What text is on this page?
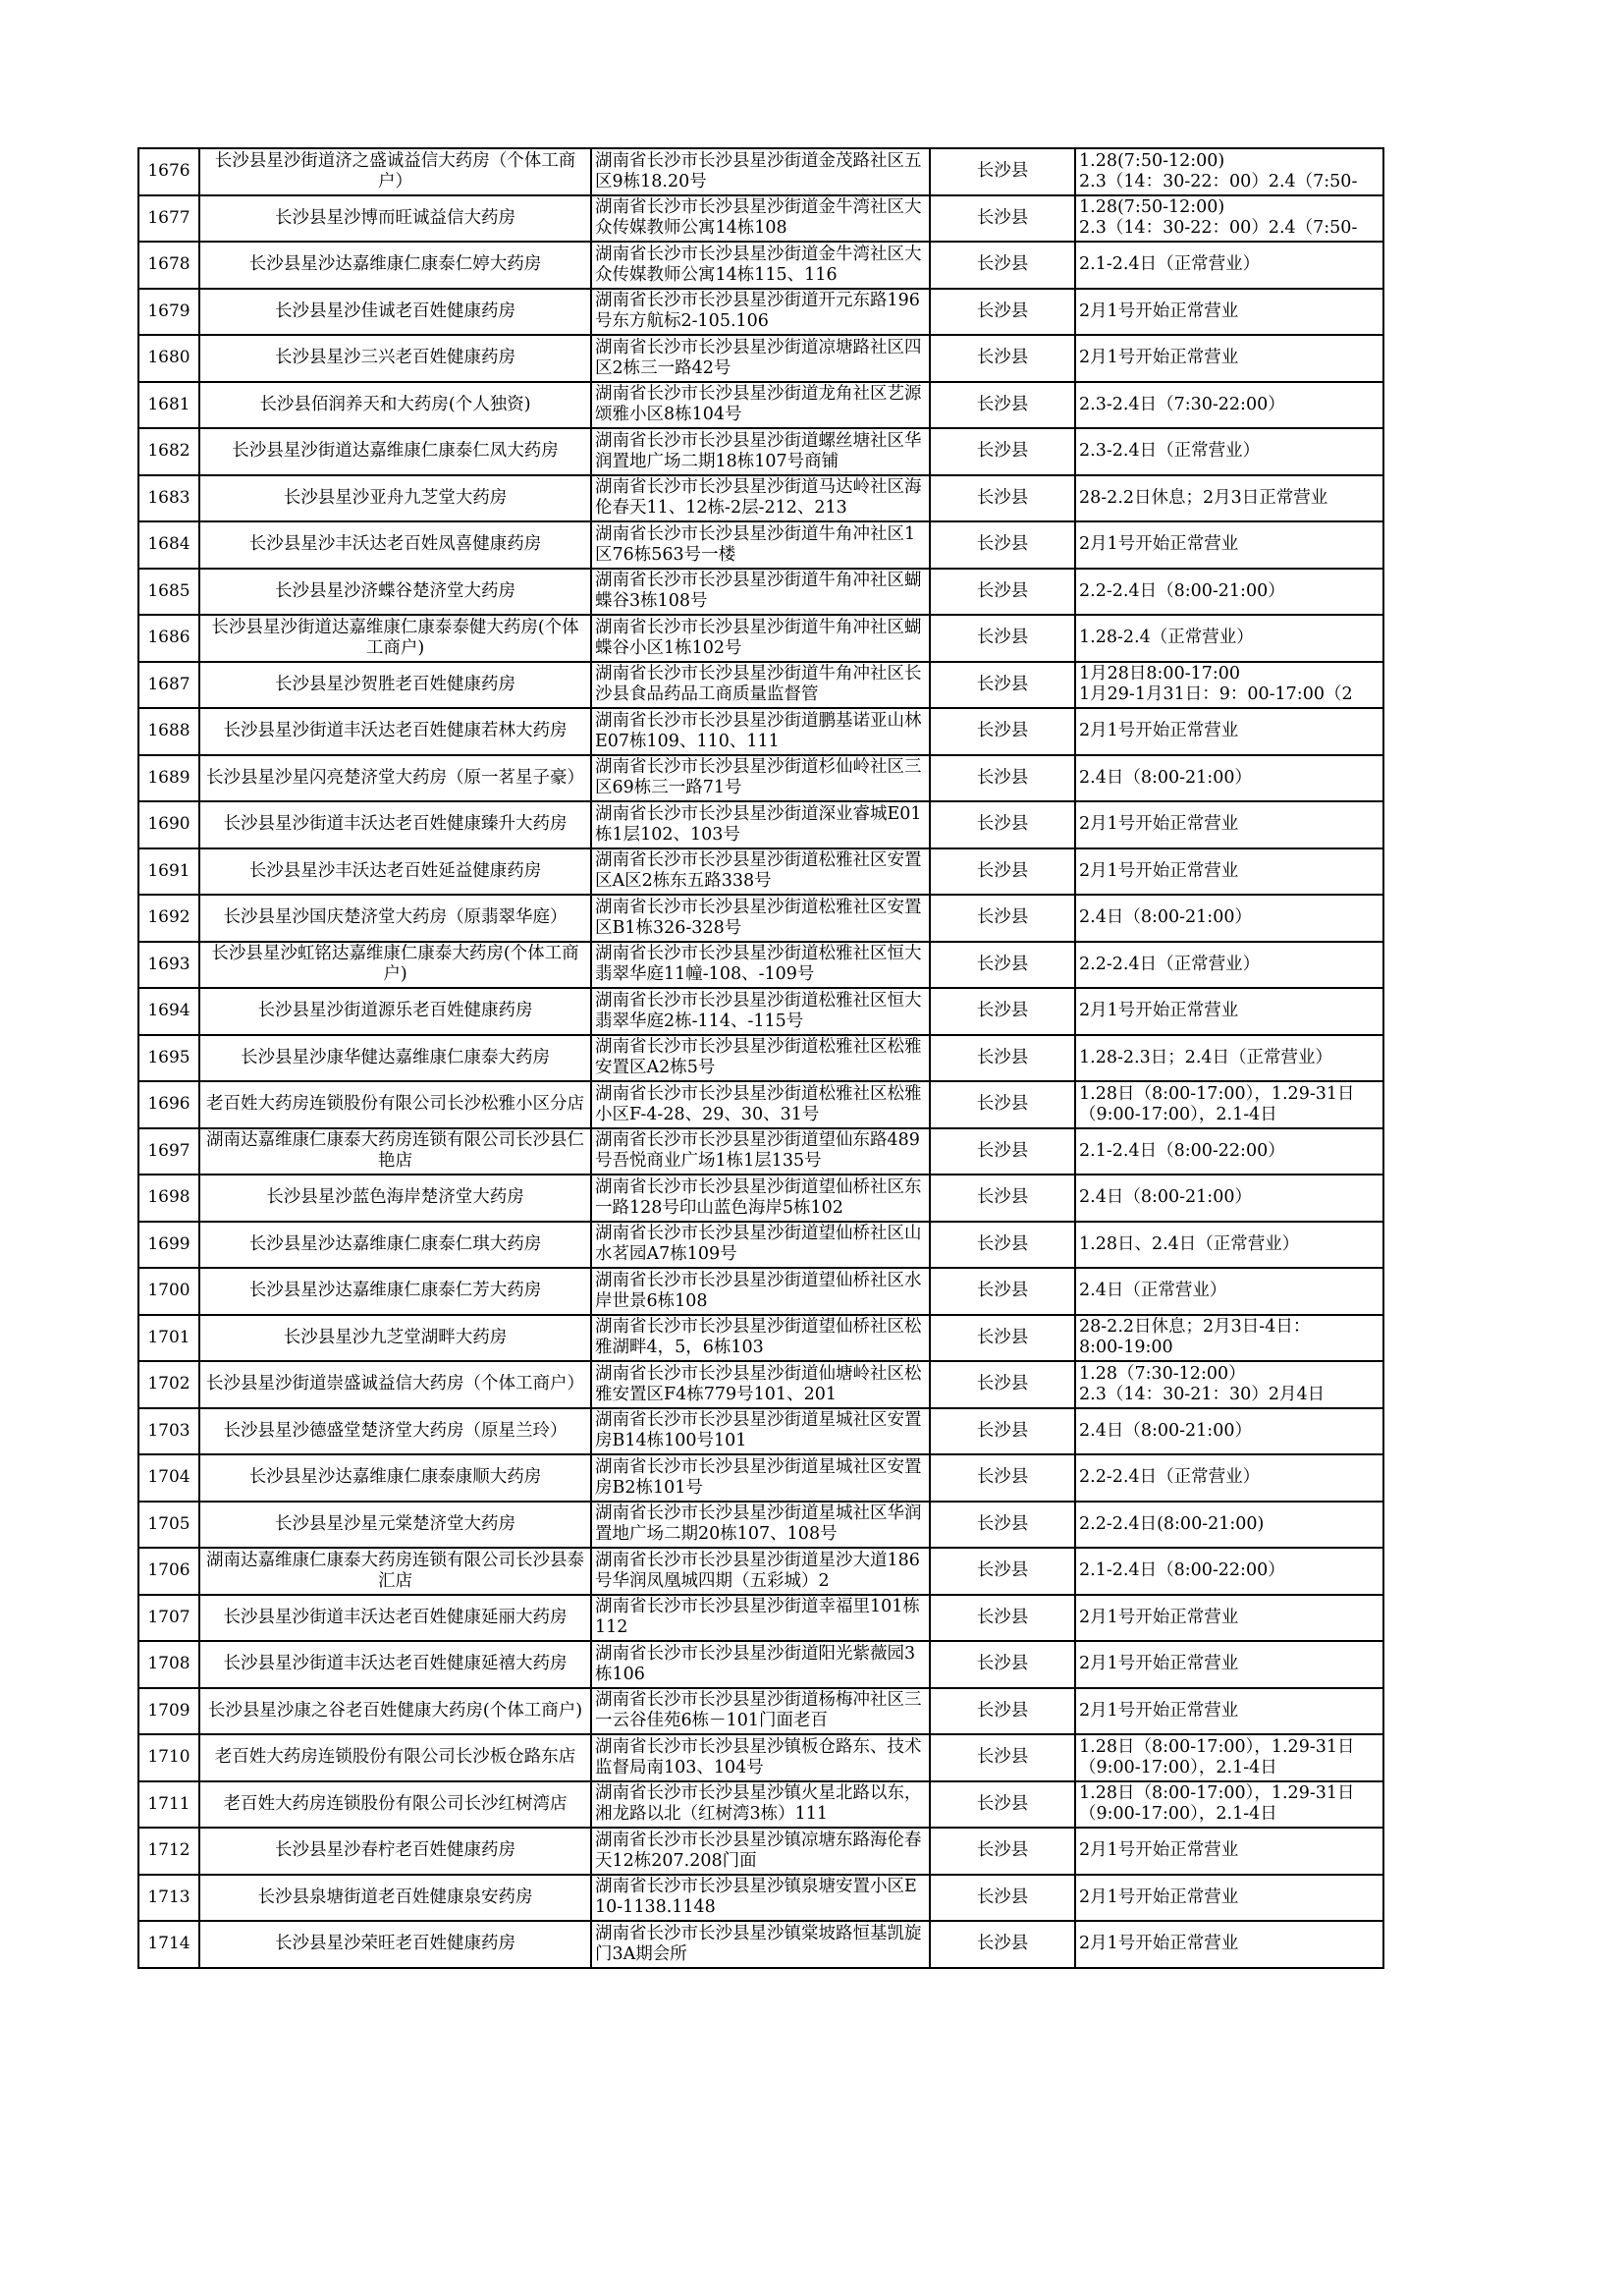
1676	长沙县星沙街道济之盛诚益信大药房（个体工商户）	湖南省长沙市长沙县星沙街道金茂路社区五区9栋18.20号	长沙县	1.28(7:50-12:00)
2.3（14：30-22：00）2.4（7:50-

1677	长沙县星沙博而旺诚益信大药房	湖南省长沙市长沙县星沙街道金牛湾社区大众传媒教师公寓14栋108	长沙县	1.28(7:50-12:00)
2.3（14：30-22：00）2.4（7:50-

1678	长沙县星沙达嘉维康仁康泰仁婷大药房	湖南省长沙市长沙县星沙街道金牛湾社区大众传媒教师公寓14栋115、116	长沙县	2.1-2.4日（正常营业）

1679	长沙县星沙佳诚老百姓健康药房	湖南省长沙市长沙县星沙街道开元东路196号东方航标2-105.106	长沙县	2月1号开始正常营业

1680	长沙县星沙三兴老百姓健康药房	湖南省长沙市长沙县星沙街道凉塘路社区四区2栋三一路42号	长沙县	2月1号开始正常营业

1681	长沙县佰润养天和大药房(个人独资)	湖南省长沙市长沙县星沙街道龙角社区艺源颂雅小区8栋104号	长沙县	2.3-2.4日（7:30-22:00）

1682	长沙县星沙街道达嘉维康仁康泰仁凤大药房	湖南省长沙市长沙县星沙街道螺丝塘社区华润置地广场二期18栋107号商铺	长沙县	2.3-2.4日（正常营业）

1683	长沙县星沙亚舟九芝堂大药房	湖南省长沙市长沙县星沙街道马达岭社区海伦春天11、12栋-2层-212、213	长沙县	28-2.2日休息；2月3日正常营业

1684	长沙县星沙丰沃达老百姓凤喜健康药房	湖南省长沙市长沙县星沙街道牛角冲社区1区76栋563号一楼	长沙县	2月1号开始正常营业

1685	长沙县星沙济蝶谷楚济堂大药房	湖南省长沙市长沙县星沙街道牛角冲社区蝴蝶谷3栋108号	长沙县	2.2-2.4日（8:00-21:00）

1686	长沙县星沙街道达嘉维康仁康泰泰健大药房(个体工商户)	湖南省长沙市长沙县星沙街道牛角冲社区蝴蝶谷小区1栋102号	长沙县	1.28-2.4（正常营业）

1687	长沙县星沙贺胜老百姓健康药房	湖南省长沙市长沙县星沙街道牛角冲社区长沙县食品药品工商质量监督管	长沙县	1月28日8:00-17:00
1月29-1月31日：9：00-17:00（2

1688	长沙县星沙街道丰沃达老百姓健康若林大药房	湖南省长沙市长沙县星沙街道鹏基诺亚山林E07栋109、110、111	长沙县	2月1号开始正常营业

1689	长沙县星沙星闪亮楚济堂大药房（原一茗星子豪）	湖南省长沙市长沙县星沙街道杉仙岭社区三区69栋三一路71号	长沙县	2.4日（8:00-21:00）

1690	长沙县星沙街道丰沃达老百姓健康臻升大药房	湖南省长沙市长沙县星沙街道深业睿城E01栋1层102、103号	长沙县	2月1号开始正常营业

1691	长沙县星沙丰沃达老百姓延益健康药房	湖南省长沙市长沙县星沙街道松雅社区安置区A区2栋东五路338号	长沙县	2月1号开始正常营业

1692	长沙县星沙国庆楚济堂大药房（原翡翠华庭）	湖南省长沙市长沙县星沙街道松雅社区安置区B1栋326-328号	长沙县	2.4日（8:00-21:00）

1693	长沙县星沙虹铭达嘉维康仁康泰大药房(个体工商户)	湖南省长沙市长沙县星沙街道松雅社区恒大翡翠华庭11幢-108、-109号	长沙县	2.2-2.4日（正常营业）

1694	长沙县星沙街道源乐老百姓健康药房	湖南省长沙市长沙县星沙街道松雅社区恒大翡翠华庭2栋-114、-115号	长沙县	2月1号开始正常营业

1695	长沙县星沙康华健达嘉维康仁康泰大药房	湖南省长沙市长沙县星沙街道松雅社区松雅安置区A2栋5号	长沙县	1.28-2.3日；2.4日（正常营业）

1696	老百姓大药房连锁股份有限公司长沙松雅小区分店	湖南省长沙市长沙县星沙街道松雅社区松雅小区F-4-28、29、30、31号	长沙县	1.28日（8:00-17:00），1.29-31日（9:00-17:00），2.1-4日

1697	湖南达嘉维康仁康泰大药房连锁有限公司长沙县仁艳店	湖南省长沙市长沙县星沙街道望仙东路489号吾悦商业广场1栋1层135号	长沙县	2.1-2.4日（8:00-22:00）

1698	长沙县星沙蓝色海岸楚济堂大药房	湖南省长沙市长沙县星沙街道望仙桥社区东一路128号印山蓝色海岸5栋102	长沙县	2.4日（8:00-21:00）

1699	长沙县星沙达嘉维康仁康泰仁琪大药房	湖南省长沙市长沙县星沙街道望仙桥社区山水茗园A7栋109号	长沙县	1.28日、2.4日（正常营业）

1700	长沙县星沙达嘉维康仁康泰仁芳大药房	湖南省长沙市长沙县星沙街道望仙桥社区水岸世景6栋108	长沙县	2.4日（正常营业）

1701	长沙县星沙九芝堂湖畔大药房	湖南省长沙市长沙县星沙街道望仙桥社区松雅湖畔4，5，6栋103	长沙县	28-2.2日休息；2月3日-4日：
8:00-19:00

1702	长沙县星沙街道崇盛诚益信大药房（个体工商户）	湖南省长沙市长沙县星沙街道仙塘岭社区松雅安置区F4栋779号101、201	长沙县	1.28（7:30-12:00）
2.3（14：30-21：30）2月4日

1703	长沙县星沙德盛堂楚济堂大药房（原星兰玲）	湖南省长沙市长沙县星沙街道星城社区安置房B14栋100号101	长沙县	2.4日（8:00-21:00）

1704	长沙县星沙达嘉维康仁康泰康顺大药房	湖南省长沙市长沙县星沙街道星城社区安置房B2栋101号	长沙县	2.2-2.4日（正常营业）

1705	长沙县星沙星元棠楚济堂大药房	湖南省长沙市长沙县星沙街道星城社区华润置地广场二期20栋107、108号	长沙县	2.2-2.4日(8:00-21:00)

1706	湖南达嘉维康仁康泰大药房连锁有限公司长沙县泰汇店	湖南省长沙市长沙县星沙街道星沙大道186号华润凤凰城四期（五彩城）2	长沙县	2.1-2.4日（8:00-22:00）

1707	长沙县星沙街道丰沃达老百姓健康延丽大药房	湖南省长沙市长沙县星沙街道幸福里101栋112	长沙县	2月1号开始正常营业

1708	长沙县星沙街道丰沃达老百姓健康延禧大药房	湖南省长沙市长沙县星沙街道阳光紫薇园3栋106	长沙县	2月1号开始正常营业

1709	长沙县星沙康之谷老百姓健康大药房(个体工商户)	湖南省长沙市长沙县星沙街道杨梅冲社区三一云谷佳苑6栋－101门面老百	长沙县	2月1号开始正常营业

1710	老百姓大药房连锁股份有限公司长沙板仓路东店	湖南省长沙市长沙县星沙镇板仓路东、技术监督局南103、104号	长沙县	1.28日（8:00-17:00），1.29-31日（9:00-17:00），2.1-4日

1711	老百姓大药房连锁股份有限公司长沙红树湾店	湖南省长沙市长沙县星沙镇火星北路以东，湘龙路以北（红树湾3栋）111	长沙县	1.28日（8:00-17:00），1.29-31日（9:00-17:00），2.1-4日

1712	长沙县星沙春柠老百姓健康药房	湖南省长沙市长沙县星沙镇凉塘东路海伦春天12栋207.208门面	长沙县	2月1号开始正常营业

1713	长沙县泉塘街道老百姓健康泉安药房	湖南省长沙市长沙县星沙镇泉塘安置小区E10-1138.1148	长沙县	2月1号开始正常营业

1714	长沙县星沙荣旺老百姓健康药房	湖南省长沙市长沙县星沙镇棠坡路恒基凯旋门3A期会所	长沙县	2月1号开始正常营业
